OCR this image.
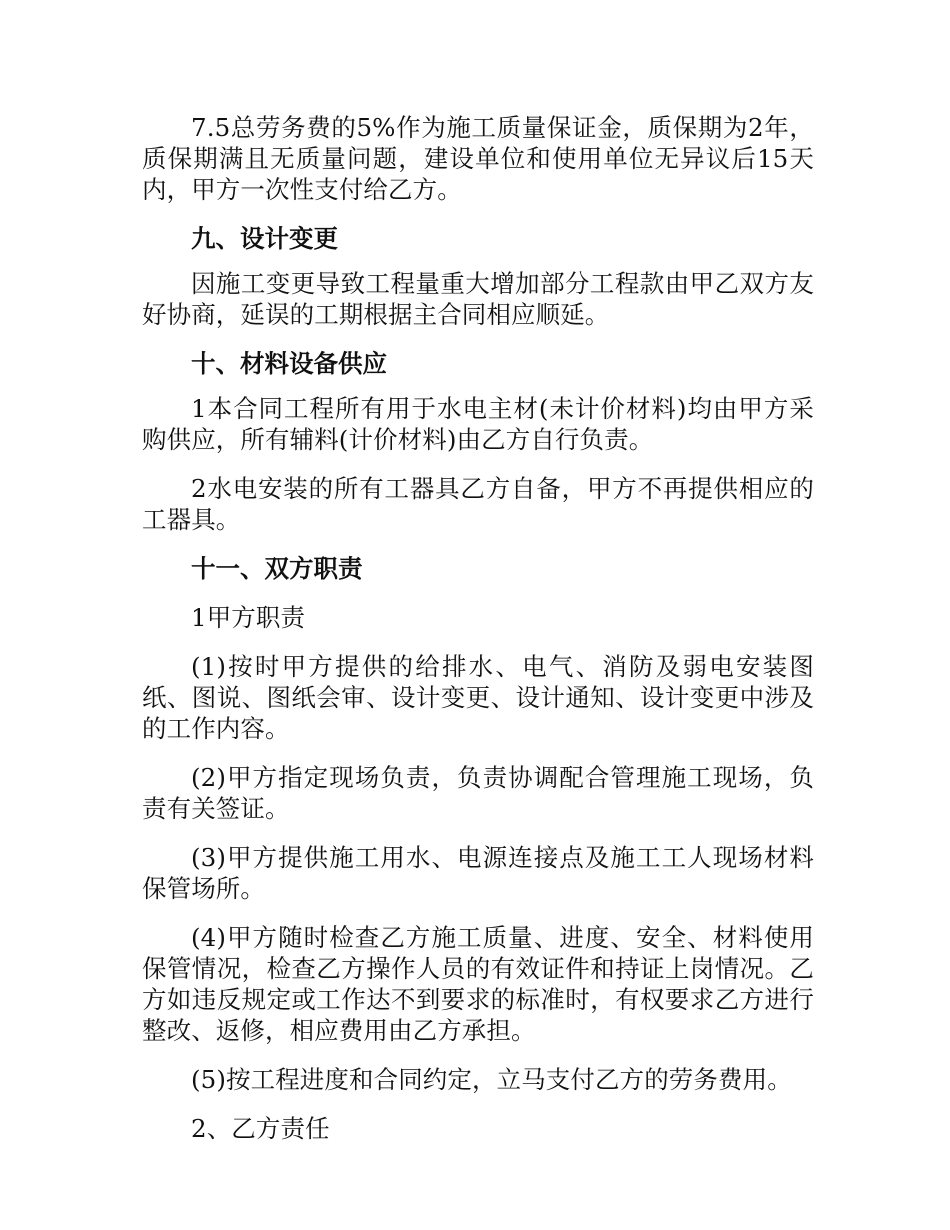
7.5总劳务费的5%作为施工质量保证金，质保期为2年，质保期满且无质量问题，建设单位和使用单位无异议后15天内，甲方一次性支付给乙方。

九、设计变更

因施工变更导致工程量重大增加部分工程款由甲乙双方友好协商，延误的工期根据主合同相应顺延。

十、材料设备供应

1本合同工程所有用于水电主材(未计价材料)均由甲方采购供应，所有辅料(计价材料)由乙方自行负责。

2水电安装的所有工器具乙方自备，甲方不再提供相应的工器具。

十一、双方职责

1甲方职责

(1)按时甲方提供的给排水、电气、消防及弱电安装图纸、图说、图纸会审、设计变更、设计通知、设计变更中涉及的工作内容。

(2)甲方指定现场负责，负责协调配合管理施工现场，负责有关签证。

(3)甲方提供施工用水、电源连接点及施工工人现场材料保管场所。

(4)甲方随时检查乙方施工质量、进度、安全、材料使用保管情况，检查乙方操作人员的有效证件和持证上岗情况。乙方如违反规定或工作达不到要求的标准时，有权要求乙方进行整改、返修，相应费用由乙方承担。

(5)按工程进度和合同约定，立马支付乙方的劳务费用。

2、乙方责任
